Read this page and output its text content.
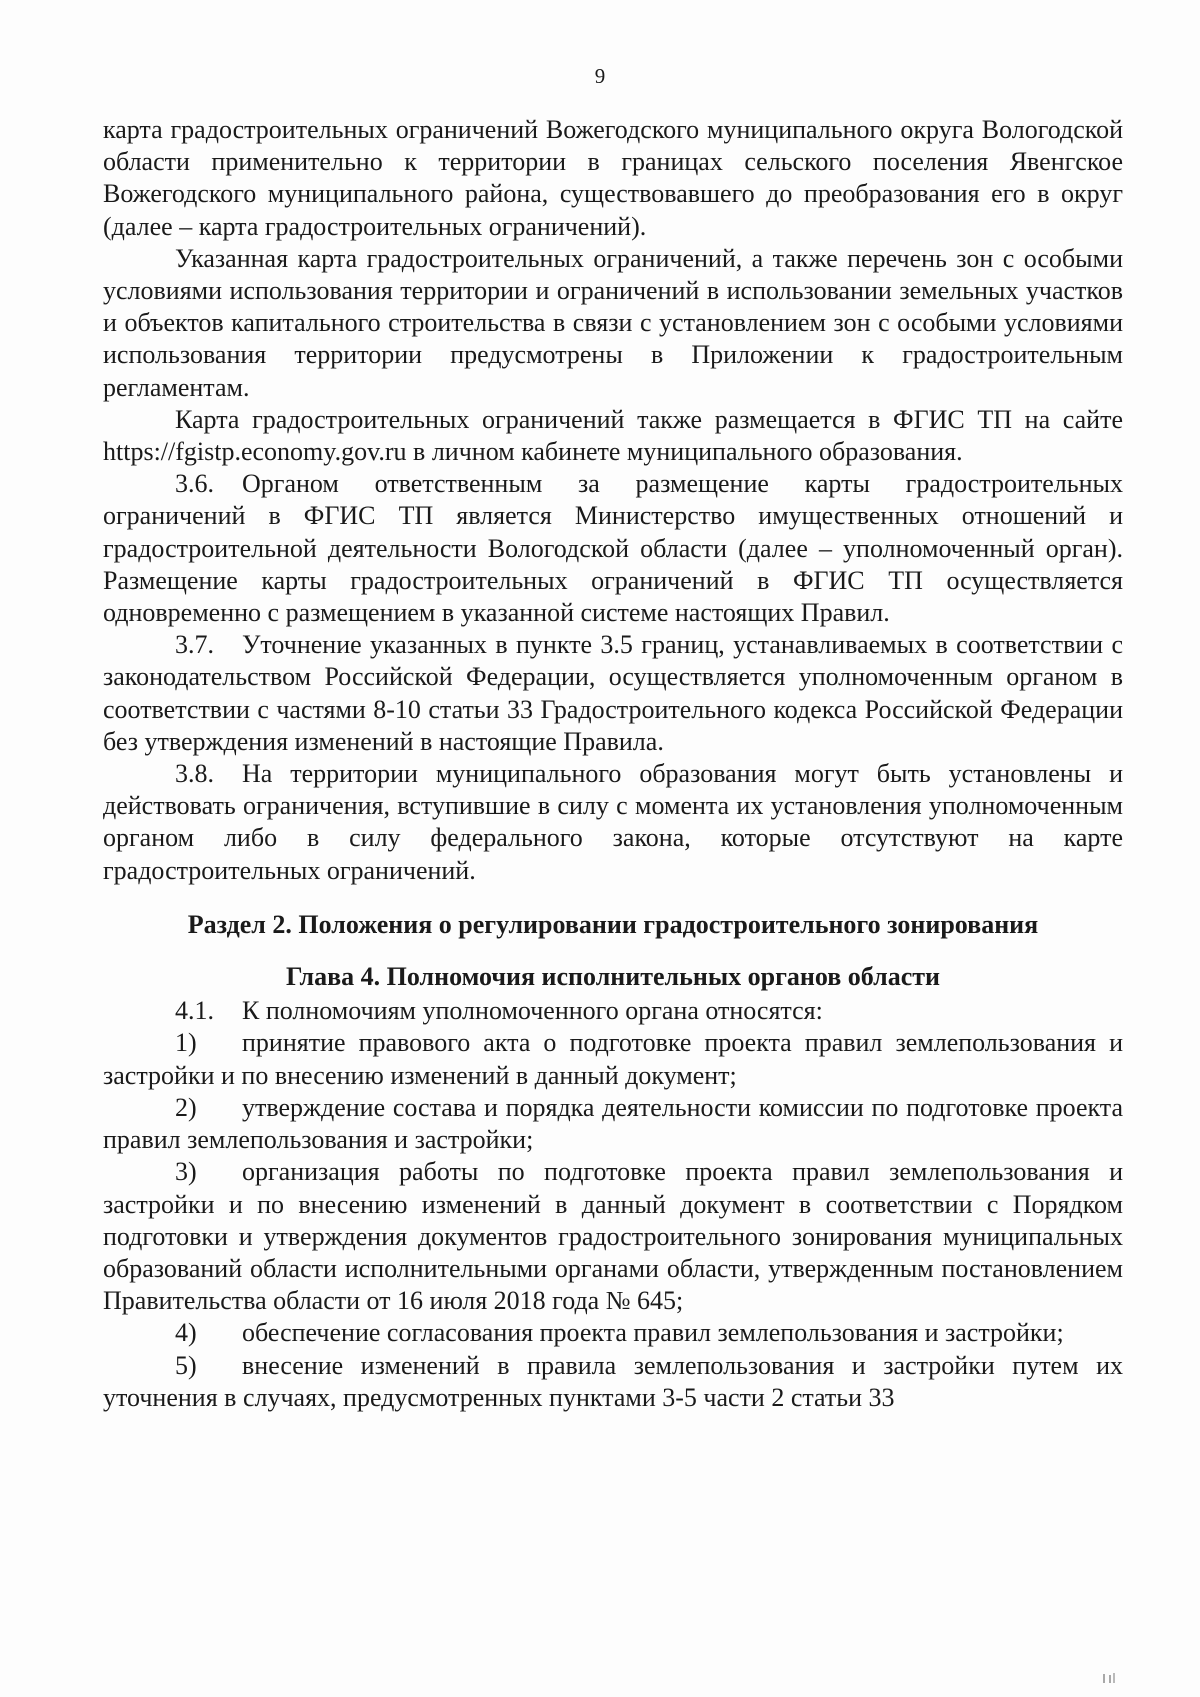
9

карта градостроительных ограничений Вожегодского муниципального округа Вологодской области применительно к территории в границах сельского поселения Явенгское Вожегодского муниципального района, существовавшего до преобразования его в округ (далее – карта градостроительных ограничений).

Указанная карта градостроительных ограничений, а также перечень зон с особыми условиями использования территории и ограничений в использовании земельных участков и объектов капитального строительства в связи с установлением зон с особыми условиями использования территории предусмотрены в Приложении к градостроительным регламентам.

Карта градостроительных ограничений также размещается в ФГИС ТП на сайте https://fgistp.economy.gov.ru в личном кабинете муниципального образования.

3.6. Органом ответственным за размещение карты градостроительных ограничений в ФГИС ТП является Министерство имущественных отношений и градостроительной деятельности Вологодской области (далее – уполномоченный орган). Размещение карты градостроительных ограничений в ФГИС ТП осуществляется одновременно с размещением в указанной системе настоящих Правил.

3.7. Уточнение указанных в пункте 3.5 границ, устанавливаемых в соответствии с законодательством Российской Федерации, осуществляется уполномоченным органом в соответствии с частями 8-10 статьи 33 Градостроительного кодекса Российской Федерации без утверждения изменений в настоящие Правила.

3.8. На территории муниципального образования могут быть установлены и действовать ограничения, вступившие в силу с момента их установления уполномоченным органом либо в силу федерального закона, которые отсутствуют на карте градостроительных ограничений.

Раздел 2. Положения о регулировании градостроительного зонирования

Глава 4. Полномочия исполнительных органов области

4.1. К полномочиям уполномоченного органа относятся:

1) принятие правового акта о подготовке проекта правил землепользования и застройки и по внесению изменений в данный документ;

2) утверждение состава и порядка деятельности комиссии по подготовке проекта правил землепользования и застройки;

3) организация работы по подготовке проекта правил землепользования и застройки и по внесению изменений в данный документ в соответствии с Порядком подготовки и утверждения документов градостроительного зонирования муниципальных образований области исполнительными органами области, утвержденным постановлением Правительства области от 16 июля 2018 года № 645;

4) обеспечение согласования проекта правил землепользования и застройки;

5) внесение изменений в правила землепользования и застройки путем их уточнения в случаях, предусмотренных пунктами 3-5 части 2 статьи 33
